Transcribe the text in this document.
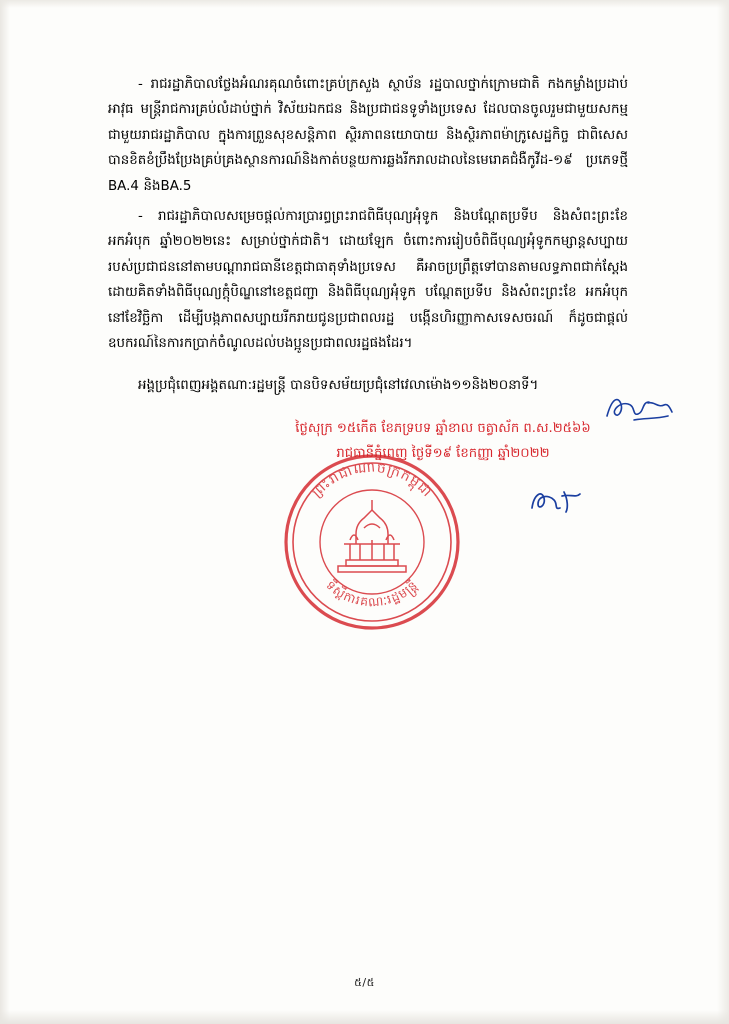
- រាជរដ្ឋាភិបាលថ្លែងអំណរគុណចំពោះគ្រប់ក្រសួង ស្ថាប័ន រដ្ឋបាលថ្នាក់ក្រោមជាតិ កងកម្លាំងប្រដាប់អាវុធ មន្ត្រីរាជការគ្រប់លំដាប់ថ្នាក់ វិស័យឯកជន និងប្រជាជនទូទាំងប្រទេស ដែលបានចូលរួមជាមួយសកម្មជាមួយរាជរដ្ឋាភិបាល ក្នុងការព្រួនសុខសន្តិភាព ស្ថិរភាពនយោបាយ និងស្ថិរភាពម៉ាក្រូសេដ្ឋកិច្ច ជាពិសេស បានខិតខំប្រឹងប្រែងគ្រប់គ្រងស្ថានការណ៍និងកាត់បន្ថយការឆ្លងរីករាលដាលនៃមេរោគជំងឺកូវីដ-១៩ ប្រភេទថ្មី BA.4 និងBA.5

- រាជរដ្ឋាភិបាលសម្រេចផ្តល់ការប្រារព្ធព្រះរាជពិធីបុណ្យអុំទូក និងបណ្តែតប្រទីប និងសំពះព្រះខែ អកអំបុក ឆ្នាំ២០២២នេះ សម្រាប់ថ្នាក់ជាតិ។ ដោយឡែក ចំពោះការរៀបចំពិធីបុណ្យអុំទូកកម្សាន្តសប្បាយរបស់ប្រជាជននៅតាមបណ្តារាជធានីខេត្តជាធាតុទាំងប្រទេស គឺអាចប្រព្រឹត្តទៅបានតាមលទ្ធភាពជាក់ស្តែង ដោយគិតទាំងពិធីបុណ្យក្តុំបិណ្ឌនៅខេត្តជញ្ជា និងពិធីបុណ្យអុំទូក បណ្តែតប្រទីប និងសំពះព្រះខែ អកអំបុក នៅខែវិច្ឆិកា ដើម្បីបង្កភាពសប្បាយរីករាយជូនប្រជាពលរដ្ឋ បង្កើនហិរញ្ញាកាសទេសចរណ៍ ក៏ដូចជាផ្តល់ឧបករណ៍នៃការកប្រាក់ចំណូលដល់បងប្អូនប្រជាពលរដ្ឋផងដែរ។

អង្គប្រជុំពេញអង្គតណា:រដ្ឋមន្ត្រី បានបិទសម័យប្រជុំនៅវេលាម៉ោង១១និង២០នាទី។
ថ្ងៃសុក្រ ១៥កើត ខែភទ្របទ ឆ្នាំខាល ចត្វាស័ក ព.ស.២៥៦៦
រាជធានីភ្នំពេញ ថ្ងៃទី១៩ ខែកញ្ញា ឆ្នាំ២០២២
ព្រះរាជាណាចក្រកម្ពុជា
ទីស្តីការគណៈរដ្ឋមន្ត្រី
៥/៥
